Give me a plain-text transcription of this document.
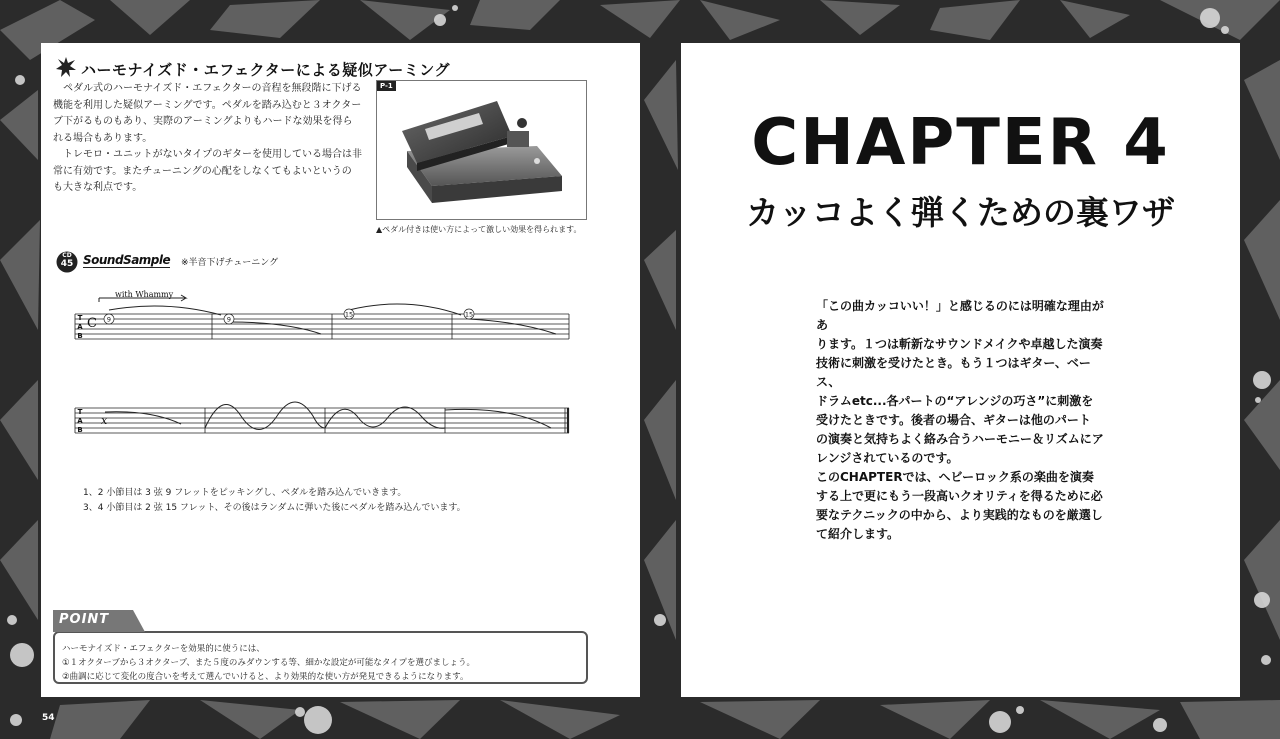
ハーモナイズド・エフェクターによる疑似アーミング
　ペダル式のハーモナイズド・エフェクターの音程を無段階に下げる
機能を利用した疑似アーミングです。ペダルを踏み込むと３オクター
ブ下がるものもあり、実際のアーミングよりもハードな効果を得ら
れる場合もあります。
　トレモロ・ユニットがないタイプのギターを使用している場合は非
常に有効です。またチューニングの心配をしなくてもよいというの
も大きな利点です。
P-1
▲ペダル付きは使い方によって激しい効果を得られます。
CD
45 SoundSample ※半音下げチューニング
9	9
15	15
with Whammy
C
x
T
A
B
T
A
B
1、2 小節目は 3 弦 9 フレットをピッキングし、ペダルを踏み込んでいきます。
3、4 小節目は 2 弦 15 フレット、その後はランダムに弾いた後にペダルを踏み込んでいます。
POINT
ハーモナイズド・エフェクターを効果的に使うには、
①１オクターブから３オクターブ、また５度のみダウンする等、細かな設定が可能なタイプを選びましょう。
②曲調に応じて変化の度合いを考えて選んでいけると、より効果的な使い方が発見できるようになります。
54
CHAPTER 4
カッコよく弾くための裏ワザ
「この曲カッコいい！」と感じるのには明確な理由があ
ります。１つは斬新なサウンドメイクや卓越した演奏
技術に刺激を受けたとき。もう１つはギター、ベース、
ドラムetc...各パートの“アレンジの巧さ”に刺激を
受けたときです。後者の場合、ギターは他のパート
の演奏と気持ちよく絡み合うハーモニー＆リズムにア
レンジされているのです。
このCHAPTERでは、ヘビーロック系の楽曲を演奏
する上で更にもう一段高いクオリティを得るために必
要なテクニックの中から、より実践的なものを厳選し
て紹介します。
